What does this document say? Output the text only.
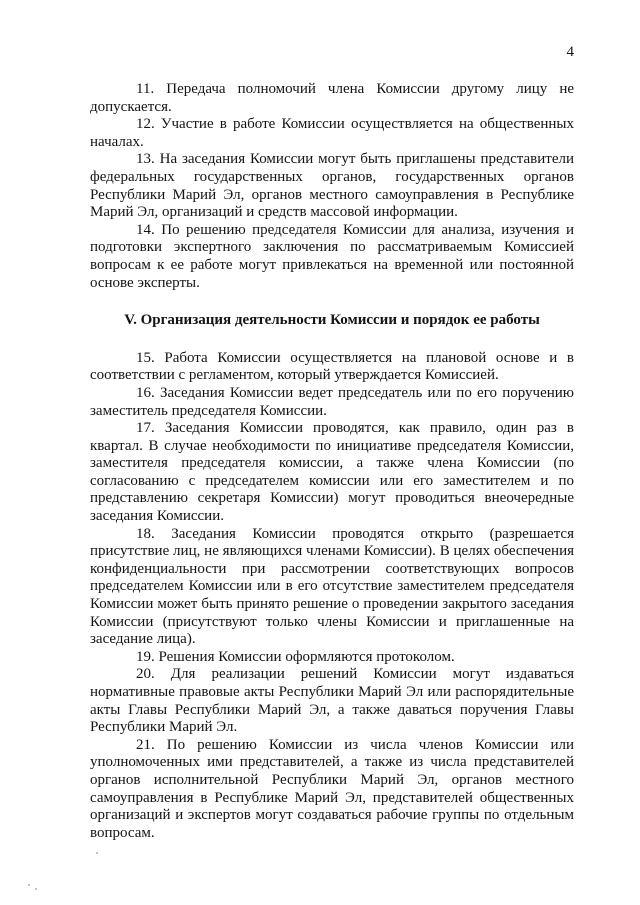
4

11. Передача полномочий члена Комиссии другому лицу не допускается.

12. Участие в работе Комиссии осуществляется на общественных началах.

13. На заседания Комиссии могут быть приглашены представители федеральных государственных органов, государственных органов Республики Марий Эл, органов местного самоуправления в Республике Марий Эл, организаций и средств массовой информации.

14. По решению председателя Комиссии для анализа, изучения и подготовки экспертного заключения по рассматриваемым Комиссией вопросам к ее работе могут привлекаться на временной или постоянной основе эксперты.

V. Организация деятельности Комиссии и порядок ее работы

15. Работа Комиссии осуществляется на плановой основе и в соответствии с регламентом, который утверждается Комиссией.

16. Заседания Комиссии ведет председатель или по его поручению заместитель председателя Комиссии.

17. Заседания Комиссии проводятся, как правило, один раз в квартал. В случае необходимости по инициативе председателя Комиссии, заместителя председателя комиссии, а также члена Комиссии (по согласованию с председателем комиссии или его заместителем и по представлению секретаря Комиссии) могут проводиться внеочередные заседания Комиссии.

18. Заседания Комиссии проводятся открыто (разрешается присутствие лиц, не являющихся членами Комиссии). В целях обеспечения конфиденциальности при рассмотрении соответствующих вопросов председателем Комиссии или в его отсутствие заместителем председателя Комиссии может быть принято решение о проведении закрытого заседания Комиссии (присутствуют только члены Комиссии и приглашенные на заседание лица).

19. Решения Комиссии оформляются протоколом.

20. Для реализации решений Комиссии могут издаваться нормативные правовые акты Республики Марий Эл или распорядительные акты Главы Республики Марий Эл, а также даваться поручения Главы Республики Марий Эл.

21. По решению Комиссии из числа членов Комиссии или уполномоченных ими представителей, а также из числа представителей органов исполнительной Республики Марий Эл, органов местного самоуправления в Республике Марий Эл, представителей общественных организаций и экспертов могут создаваться рабочие группы по отдельным вопросам.
